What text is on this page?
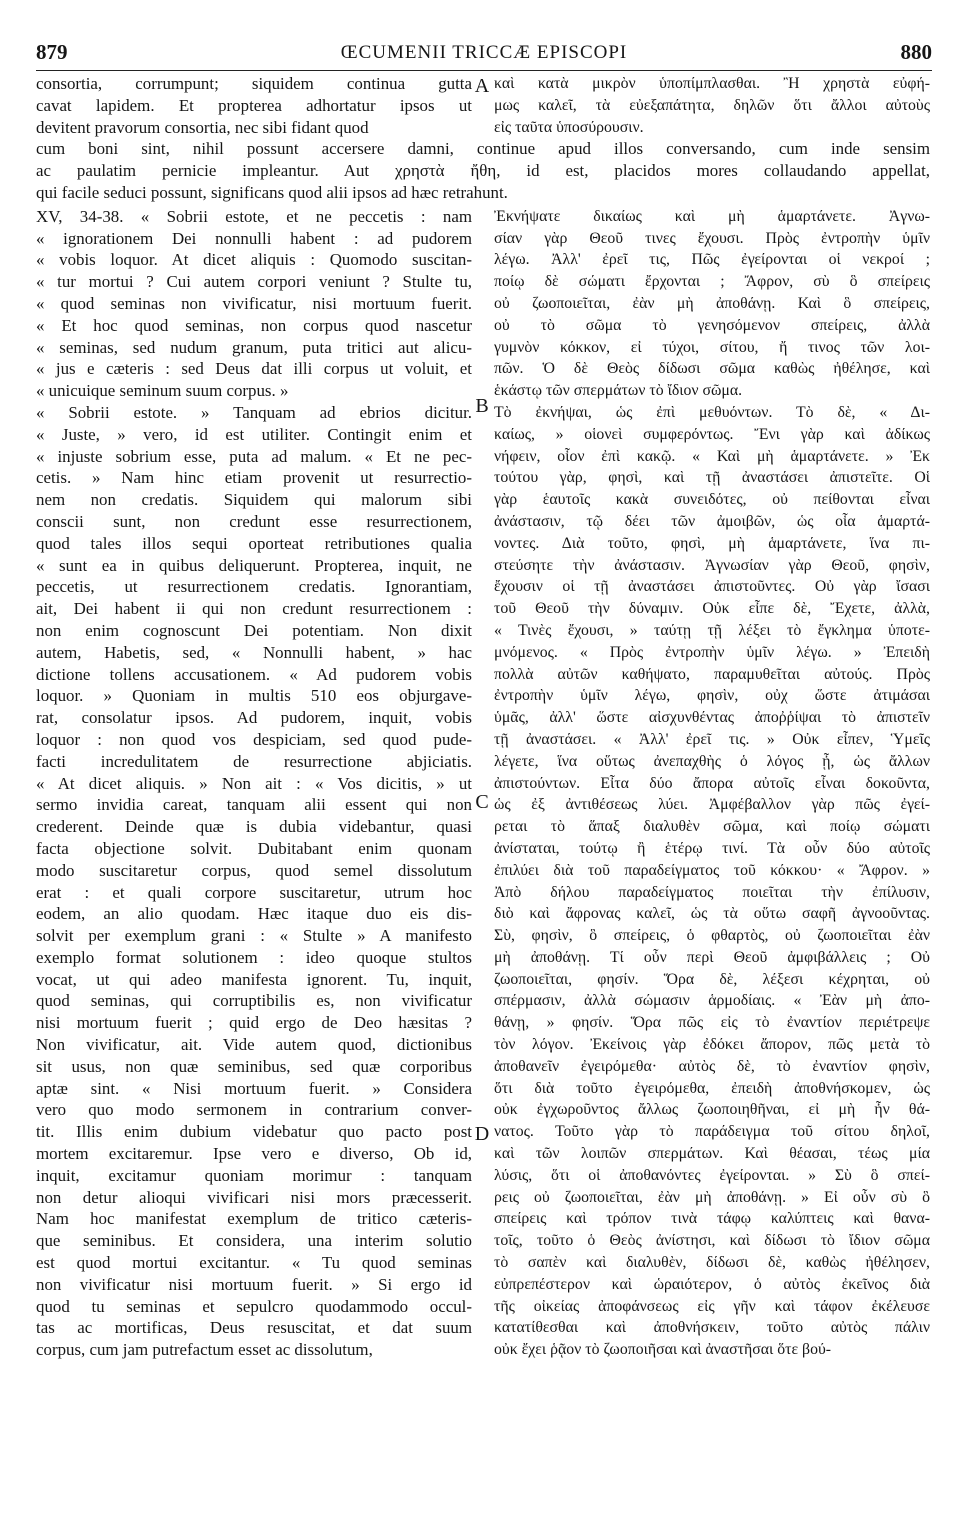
879	ŒCUMENII TRICCÆ EPISCOPI	880
consortia, corrumpunt; siquidem continua gutta
cavat lapidem. Et propterea adhortatur ipsos ut
devitent pravorum consortia, nec sibi fidant quod
καὶ κατὰ μικρὸν ὑποπίμπλασθαι. Ἢ χρηστὰ εὐφή-
μως καλεῖ, τὰ εὐεξαπάτητα, δηλῶν ὅτι ἄλλοι αὐτοὺς
εἰς ταῦτα ὑποσύρουσιν.
cum boni sint, nihil possunt accersere damni, continue apud illos conversando, cum inde sensim
ac paulatim pernicie impleantur. Aut χρηστὰ ἤθη, id est, placidos mores collaudando appellat,
qui facile seduci possunt, significans quod alii ipsos ad hæc retrahunt.
XV, 34-38. « Sobrii estote, et ne peccetis : nam
« ignorationem Dei nonnulli habent : ad pudorem
« vobis loquor. At dicet aliquis : Quomodo suscitan-
« tur mortui ? Cui autem corpori veniunt ? Stulte tu,
« quod seminas non vivificatur, nisi mortuum fuerit.
« Et hoc quod seminas, non corpus quod nascetur
« seminas, sed nudum granum, puta tritici aut alicu-
« jus e cæteris : sed Deus dat illi corpus ut voluit, et
« unicuique seminum suum corpus. »
« Sobrii estote. » Tanquam ad ebrios dicitur.
« Juste, » vero, id est utiliter. Contingit enim et
« injuste sobrium esse, puta ad malum. « Et ne pec-
cetis. » Nam hinc etiam provenit ut resurrectio-
nem non credatis. Siquidem qui malorum sibi
conscii sunt, non credunt esse resurrectionem,
quod tales illos sequi oporteat retributiones qualia
« sunt ea in quibus deliquerunt. Propterea, inquit, ne
peccetis, ut resurrectionem credatis. Ignorantiam,
ait, Dei habent ii qui non credunt resurrectionem :
non enim cognoscunt Dei potentiam. Non dixit
autem, Habetis, sed, « Nonnulli habent, » hac
dictione tollens accusationem. « Ad pudorem vobis
loquor. » Quoniam in multis 510 eos objurgave-
rat, consolatur ipsos. Ad pudorem, inquit, vobis
loquor : non quod vos despiciam, sed quod pude-
facti incredulitatem de resurrectione abjiciatis.
« At dicet aliquis. » Non ait : « Vos dicitis, » ut
sermo invidia careat, tanquam alii essent qui non
crederent. Deinde quæ is dubia videbantur, quasi
facta objectione solvit. Dubitabant enim quonam
modo suscitaretur corpus, quod semel dissolutum
erat : et quali corpore suscitaretur, utrum hoc
eodem, an alio quodam. Hæc itaque duo eis dis-
solvit per exemplum grani : « Stulte » A manifesto
exemplo format solutionem : ideo quoque stultos
vocat, ut qui adeo manifesta ignorent. Tu, inquit,
quod seminas, qui corruptibilis es, non vivificatur
nisi mortuum fuerit ; quid ergo de Deo hæsitas ?
Non vivificatur, ait. Vide autem quod, dictionibus
sit usus, non quæ seminibus, sed quæ corporibus
aptæ sint. « Nisi mortuum fuerit. » Considera
vero quo modo sermonem in contrarium conver-
tit. Illis enim dubium videbatur quo pacto post
mortem excitaremur. Ipse vero e diverso, Ob id,
inquit, excitamur quoniam morimur : tanquam
non detur alioqui vivificari nisi mors præcesserit.
Nam hoc manifestat exemplum de tritico cæteris-
que seminibus. Et considera, una interim solutio
est quod mortui excitantur. « Tu quod seminas
non vivificatur nisi mortuum fuerit. » Si ergo id
quod tu seminas et sepulcro quodammodo occul-
tas ac mortificas, Deus resuscitat, et dat suum
corpus, cum jam putrefactum esset ac dissolutum,
Ἐκνήψατε δικαίως καὶ μὴ ἁμαρτάνετε. Ἀγνω-
σίαν γὰρ Θεοῦ τινες ἔχουσι. Πρὸς ἐντροπὴν ὑμῖν
λέγω. Ἀλλ' ἐρεῖ τις, Πῶς ἐγείρονται οἱ νεκροί ;
ποίῳ δὲ σώματι ἔρχονται ; Ἄφρον, σὺ ὃ σπείρεις
οὐ ζωοποιεῖται, ἐὰν μὴ ἀποθάνῃ. Καὶ ὃ σπείρεις,
οὐ τὸ σῶμα τὸ γενησόμενον σπείρεις, ἀλλὰ
γυμνὸν κόκκον, εἰ τύχοι, σίτου, ἤ τινος τῶν λοι-
πῶν. Ὁ δὲ Θεὸς δίδωσι σῶμα καθὼς ἠθέλησε, καὶ
ἑκάστῳ τῶν σπερμάτων τὸ ἴδιον σῶμα.
Τὸ ἐκνήψαι, ὡς ἐπὶ μεθυόντων. Τὸ δὲ, « Δι-
καίως, » οἱονεὶ συμφερόντως. Ἔνι γὰρ καὶ ἀδίκως
νήφειν, οἷον ἐπὶ κακῷ. « Καὶ μὴ ἁμαρτάνετε. » Ἐκ
τούτου γὰρ, φησὶ, καὶ τῇ ἀναστάσει ἀπιστεῖτε. Οἱ
γὰρ ἑαυτοῖς κακὰ συνειδότες, οὐ πείθονται εἶναι
ἀνάστασιν, τῷ δέει τῶν ἀμοιβῶν, ὡς οἷα ἁμαρτά-
νοντες. Διὰ τοῦτο, φησὶ, μὴ ἁμαρτάνετε, ἵνα πι-
στεύσητε τὴν ἀνάστασιν. Ἀγνωσίαν γὰρ Θεοῦ, φησὶν,
ἔχουσιν οἱ τῇ ἀναστάσει ἀπιστοῦντες. Οὐ γὰρ ἴσασι
τοῦ Θεοῦ τὴν δύναμιν. Οὐκ εἶπε δὲ, Ἔχετε, ἀλλὰ,
« Τινὲς ἔχουσι, » ταύτῃ τῇ λέξει τὸ ἔγκλημα ὑποτε-
μνόμενος. « Πρὸς ἐντροπὴν ὑμῖν λέγω. » Ἐπειδὴ
πολλὰ αὐτῶν καθήψατο, παραμυθεῖται αὐτούς. Πρὸς
ἐντροπὴν ὑμῖν λέγω, φησὶν, οὐχ ὥστε ἀτιμάσαι
ὑμᾶς, ἀλλ' ὥστε αἰσχυνθέντας ἀποῤῥίψαι τὸ ἀπιστεῖν
τῇ ἀναστάσει. « Ἀλλ' ἐρεῖ τις. » Οὐκ εἶπεν, Ὑμεῖς
λέγετε, ἵνα οὕτως ἀνεπαχθὴς ὁ λόγος ᾖ, ὡς ἄλλων
ἀπιστούντων. Εἶτα δύο ἄπορα αὐτοῖς εἶναι δοκοῦντα,
ὡς ἐξ ἀντιθέσεως λύει. Ἀμφέβαλλον γὰρ πῶς ἐγεί-
ρεται τὸ ἅπαξ διαλυθὲν σῶμα, καὶ ποίῳ σώματι
ἀνίσταται, τούτῳ ἢ ἑτέρῳ τινί. Τὰ οὖν δύο αὐτοῖς
ἐπιλύει διὰ τοῦ παραδείγματος τοῦ κόκκου· « Ἄφρον. »
Ἀπὸ δήλου παραδείγματος ποιεῖται τὴν ἐπίλυσιν,
διὸ καὶ ἄφρονας καλεῖ, ὡς τὰ οὕτω σαφῆ ἀγνοοῦντας.
Σὺ, φησὶν, ὃ σπείρεις, ὁ φθαρτὸς, οὐ ζωοποιεῖται ἐὰν
μὴ ἀποθάνῃ. Τί οὖν περὶ Θεοῦ ἀμφιβάλλεις ; Οὐ
ζωοποιεῖται, φησίν. Ὅρα δὲ, λέξεσι κέχρηται, οὐ
σπέρμασιν, ἀλλὰ σώμασιν ἁρμοδίαις. « Ἐὰν μὴ ἀπο-
θάνῃ, » φησίν. Ὅρα πῶς εἰς τὸ ἐναντίον περιέτρεψε
τὸν λόγον. Ἐκείνοις γὰρ ἐδόκει ἄπορον, πῶς μετὰ τὸ
ἀποθανεῖν ἐγειρόμεθα· αὐτὸς δὲ, τὸ ἐναντίον φησὶν,
ὅτι διὰ τοῦτο ἐγειρόμεθα, ἐπειδὴ ἀποθνήσκομεν, ὡς
οὐκ ἐγχωροῦντος ἄλλως ζωοποιηθῆναι, εἰ μὴ ἦν θά-
νατος. Τοῦτο γὰρ τὸ παράδειγμα τοῦ σίτου δηλοῖ,
καὶ τῶν λοιπῶν σπερμάτων. Καὶ θέασαι, τέως μία
λύσις, ὅτι οἱ ἀποθανόντες ἐγείρονται. » Σὺ ὃ σπεί-
ρεις οὐ ζωοποιεῖται, ἐὰν μὴ ἀποθάνῃ. » Εἰ οὖν σὺ ὃ
σπείρεις καὶ τρόπον τινὰ τάφῳ καλύπτεις καὶ θανα-
τοῖς, τοῦτο ὁ Θεὸς ἀνίστησι, καὶ δίδωσι τὸ ἴδιον σῶμα
τὸ σαπὲν καὶ διαλυθὲν, δίδωσι δὲ, καθὼς ἠθέλησεν,
εὐπρεπέστερον καὶ ὡραιότερον, ὁ αὐτὸς ἐκεῖνος διὰ
τῆς οἰκείας ἀποφάνσεως εἰς γῆν καὶ τάφον ἐκέλευσε
κατατίθεσθαι καὶ ἀποθνήσκειν, τοῦτο αὐτὸς πάλιν
οὐκ ἔχει ῥᾷον τὸ ζωοποιῆσαι καὶ ἀναστῆσαι ὅτε βού-
A
B
C
D
